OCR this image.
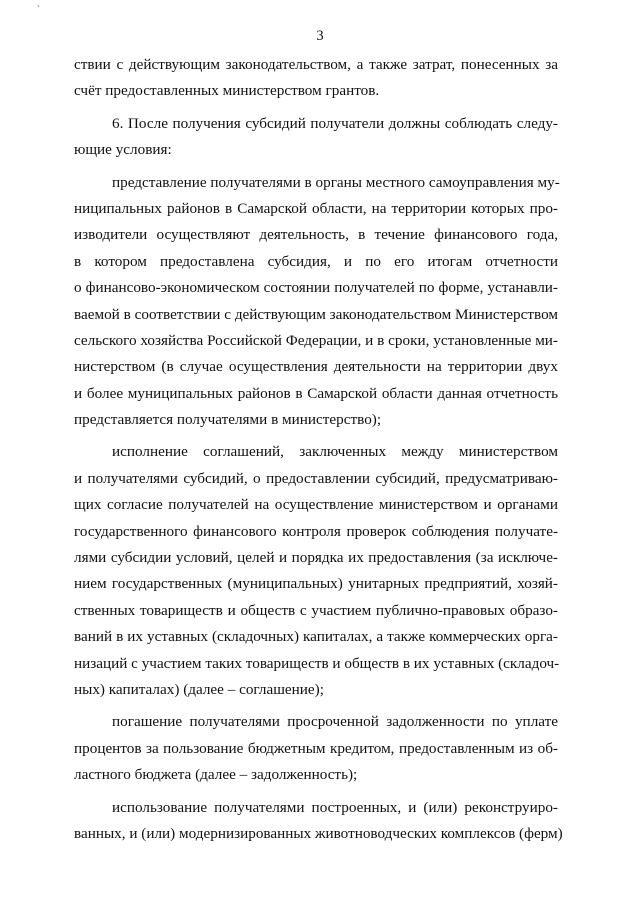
`
3
ствии с действующим законодательством, а также затрат, понесенных за
счёт предоставленных министерством грантов.
6. После получения субсидий получатели должны соблюдать следу-
ющие условия:
представление получателями в органы местного самоуправления му-
ниципальных районов в Самарской области, на территории которых про-
изводители осуществляют деятельность, в течение финансового года,
в котором предоставлена субсидия, и по его итогам отчетности
о финансово-экономическом состоянии получателей по форме, устанавли-
ваемой в соответствии с действующим законодательством Министерством
сельского хозяйства Российской Федерации, и в сроки, установленные ми-
нистерством (в случае осуществления деятельности на территории двух
и более муниципальных районов в Самарской области данная отчетность
представляется получателями в министерство);
исполнение соглашений, заключенных между министерством
и получателями субсидий, о предоставлении субсидий, предусматриваю-
щих согласие получателей на осуществление министерством и органами
государственного финансового контроля проверок соблюдения получате-
лями субсидии условий, целей и порядка их предоставления (за исключе-
нием государственных (муниципальных) унитарных предприятий, хозяй-
ственных товариществ и обществ с участием публично-правовых образо-
ваний в их уставных (складочных) капиталах, а также коммерческих орга-
низаций с участием таких товариществ и обществ в их уставных (складоч-
ных) капиталах) (далее – соглашение);
погашение получателями просроченной задолженности по уплате
процентов за пользование бюджетным кредитом, предоставленным из об-
ластного бюджета (далее – задолженность);
использование получателями построенных, и (или) реконструиро-
ванных, и (или) модернизированных животноводческих комплексов (ферм)
